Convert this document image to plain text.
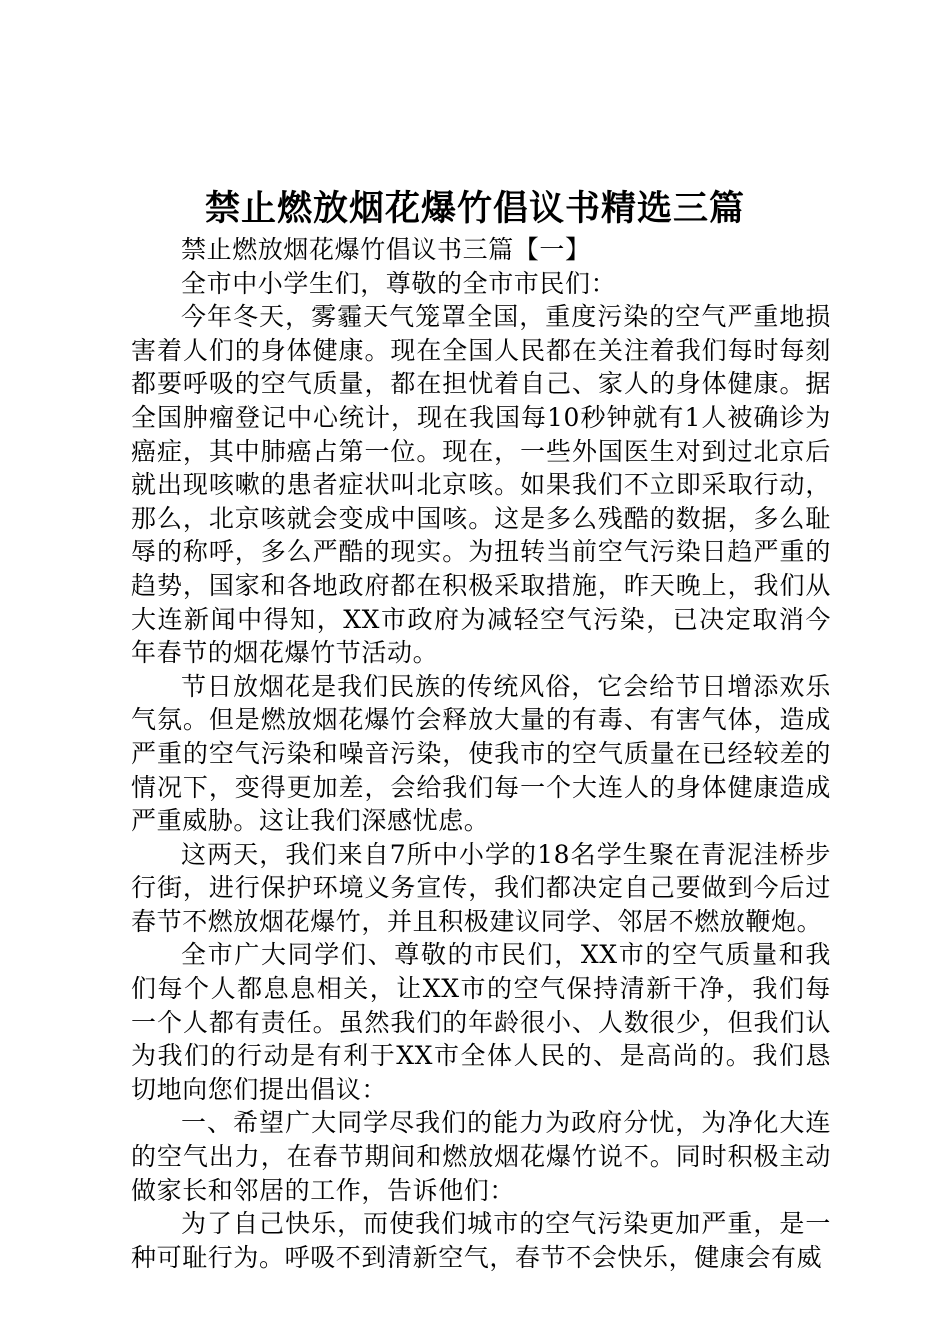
禁止燃放烟花爆竹倡议书精选三篇

禁止燃放烟花爆竹倡议书三篇【一】

全市中小学生们，尊敬的全市市民们：

今年冬天，雾霾天气笼罩全国，重度污染的空气严重地损害着人们的身体健康。现在全国人民都在关注着我们每时每刻都要呼吸的空气质量，都在担忧着自己、家人的身体健康。据全国肿瘤登记中心统计，现在我国每10秒钟就有1人被确诊为癌症，其中肺癌占第一位。现在，一些外国医生对到过北京后就出现咳嗽的患者症状叫北京咳。如果我们不立即采取行动，那么，北京咳就会变成中国咳。这是多么残酷的数据，多么耻辱的称呼，多么严酷的现实。为扭转当前空气污染日趋严重的趋势，国家和各地政府都在积极采取措施，昨天晚上，我们从大连新闻中得知，XX市政府为减轻空气污染，已决定取消今年春节的烟花爆竹节活动。

节日放烟花是我们民族的传统风俗，它会给节日增添欢乐气氛。但是燃放烟花爆竹会释放大量的有毒、有害气体，造成严重的空气污染和噪音污染，使我市的空气质量在已经较差的情况下，变得更加差，会给我们每一个大连人的身体健康造成严重威胁。这让我们深感忧虑。

这两天，我们来自7所中小学的18名学生聚在青泥洼桥步行街，进行保护环境义务宣传，我们都决定自己要做到今后过春节不燃放烟花爆竹，并且积极建议同学、邻居不燃放鞭炮。

全市广大同学们、尊敬的市民们，XX市的空气质量和我们每个人都息息相关，让XX市的空气保持清新干净，我们每一个人都有责任。虽然我们的年龄很小、人数很少，但我们认为我们的行动是有利于XX市全体人民的、是高尚的。我们恳切地向您们提出倡议：

一、希望广大同学尽我们的能力为政府分忧，为净化大连的空气出力，在春节期间和燃放烟花爆竹说不。同时积极主动做家长和邻居的工作，告诉他们：

为了自己快乐，而使我们城市的空气污染更加严重，是一种可耻行为。呼吸不到清新空气，春节不会快乐，健康会有威
